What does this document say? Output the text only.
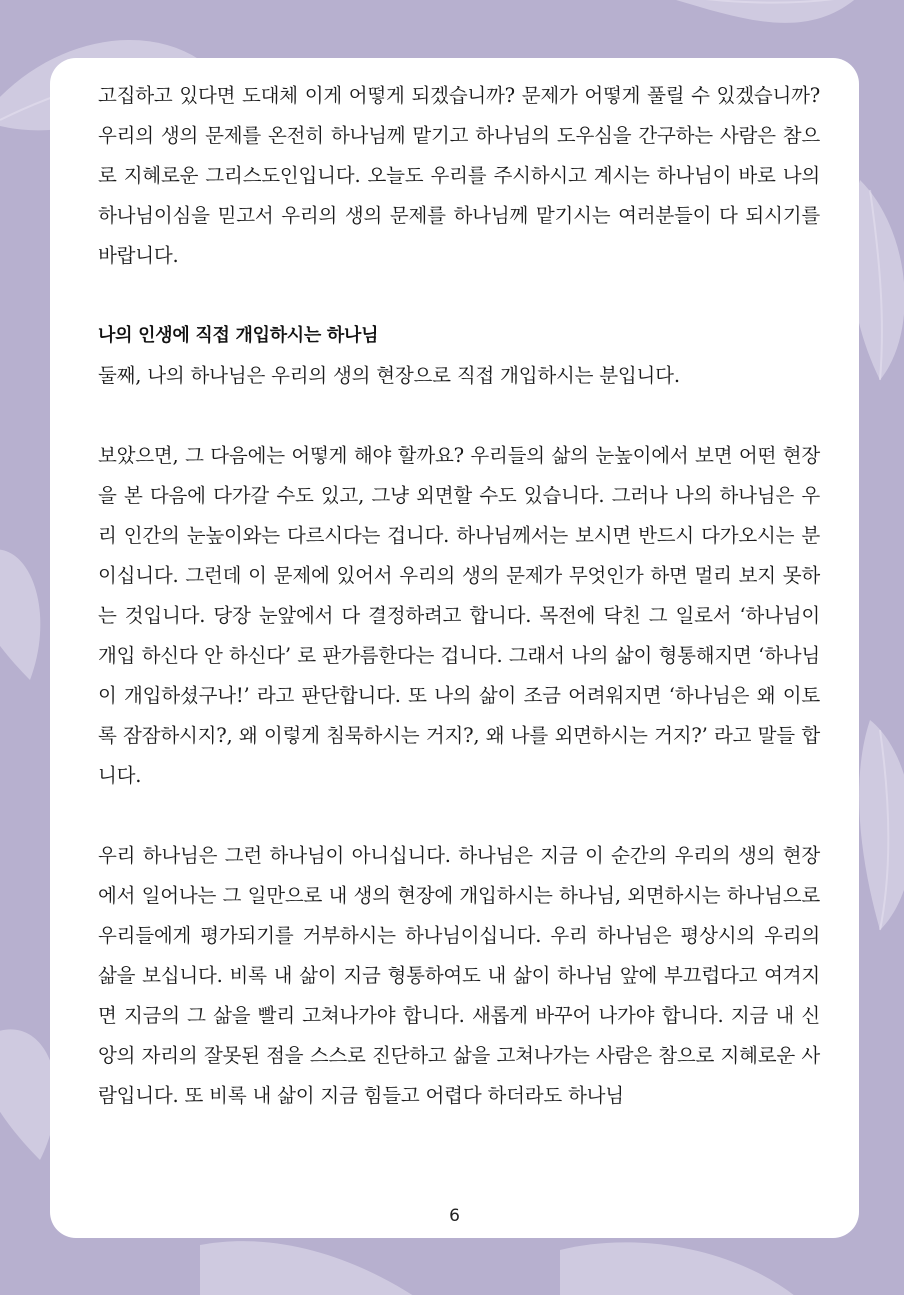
고집하고 있다면 도대체 이게 어떻게 되겠습니까? 문제가 어떻게 풀릴 수 있겠습니까? 우리의 생의 문제를 온전히 하나님께 맡기고 하나님의 도우심을 간구하는 사람은 참으로 지혜로운 그리스도인입니다. 오늘도 우리를 주시하시고 계시는 하나님이 바로 나의 하나님이심을 믿고서 우리의 생의 문제를 하나님께 맡기시는 여러분들이 다 되시기를 바랍니다.

나의 인생에 직접 개입하시는 하나님

둘째, 나의 하나님은 우리의 생의 현장으로 직접 개입하시는 분입니다.

보았으면, 그 다음에는 어떻게 해야 할까요? 우리들의 삶의 눈높이에서 보면 어떤 현장을 본 다음에 다가갈 수도 있고, 그냥 외면할 수도 있습니다. 그러나 나의 하나님은 우리 인간의 눈높이와는 다르시다는 겁니다. 하나님께서는 보시면 반드시 다가오시는 분이십니다. 그런데 이 문제에 있어서 우리의 생의 문제가 무엇인가 하면 멀리 보지 못하는 것입니다. 당장 눈앞에서 다 결정하려고 합니다. 목전에 닥친 그 일로서 ‘하나님이 개입 하신다 안 하신다’ 로 판가름한다는 겁니다. 그래서 나의 삶이 형통해지면 ‘하나님이 개입하셨구나!’ 라고 판단합니다. 또 나의 삶이 조금 어려워지면 ‘하나님은 왜 이토록 잠잠하시지?, 왜 이렇게 침묵하시는 거지?, 왜 나를 외면하시는 거지?’ 라고 말들 합니다.

우리 하나님은 그런 하나님이 아니십니다. 하나님은 지금 이 순간의 우리의 생의 현장에서 일어나는 그 일만으로 내 생의 현장에 개입하시는 하나님, 외면하시는 하나님으로 우리들에게 평가되기를 거부하시는 하나님이십니다. 우리 하나님은 평상시의 우리의 삶을 보십니다. 비록 내 삶이 지금 형통하여도 내 삶이 하나님 앞에 부끄럽다고 여겨지면 지금의 그 삶을 빨리 고쳐나가야 합니다. 새롭게 바꾸어 나가야 합니다. 지금 내 신앙의 자리의 잘못된 점을 스스로 진단하고 삶을 고쳐나가는 사람은 참으로 지혜로운 사람입니다. 또 비록 내 삶이 지금 힘들고 어렵다 하더라도 하나님

6
